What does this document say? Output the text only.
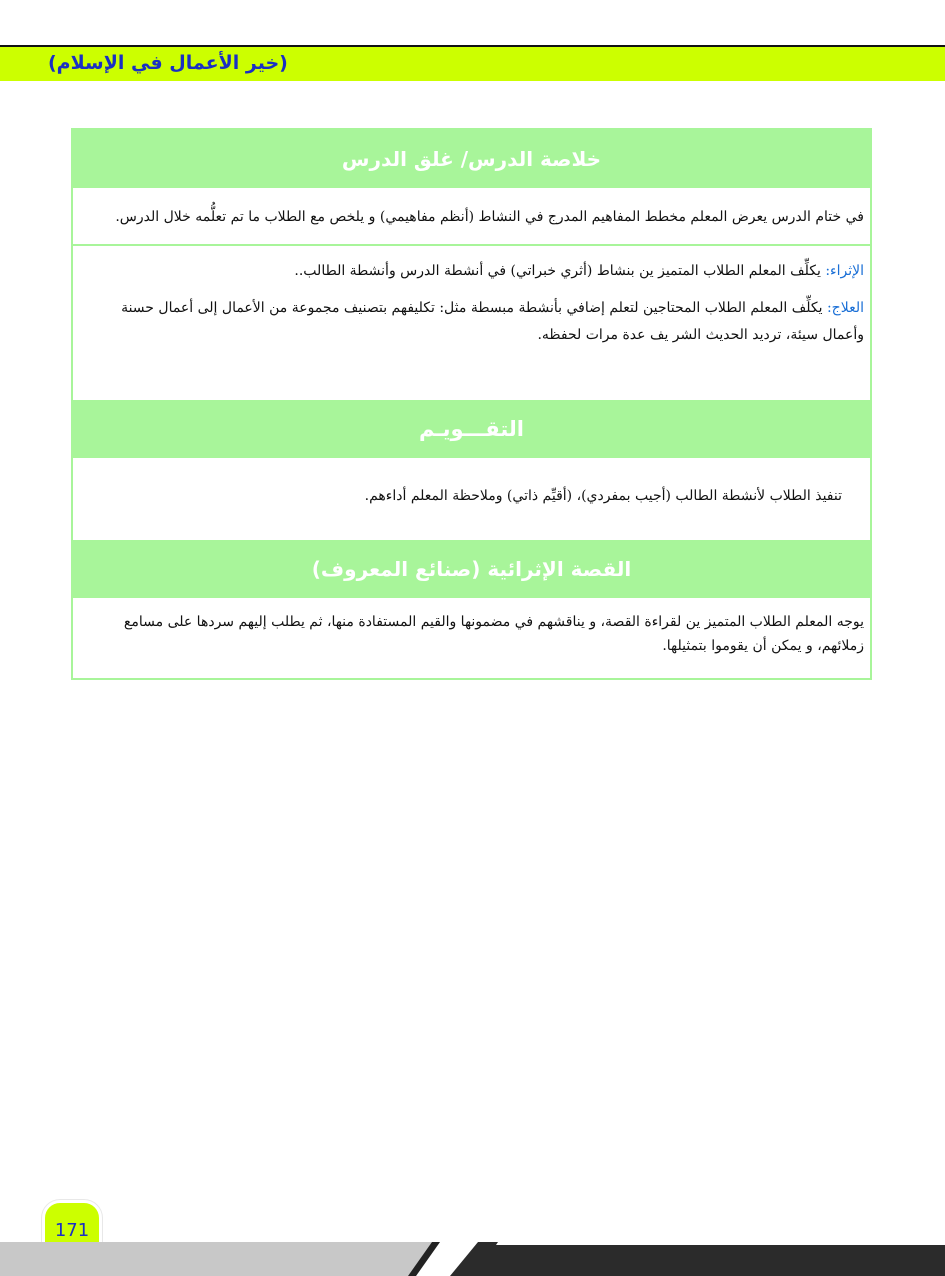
(خير الأعمال في الإسلام)
خلاصة الدرس/ غلق الدرس
في ختام الدرس يعرض المعلم مخطط المفاهيم المدرج في النشاط (أنظم مفاهيمي) و يلخص مع الطلاب ما تم تعلُّمه خلال الدرس.
الإثراء: يكلِّف المعلم الطلاب المتميز ين بنشاط (أثري خبراتي) في أنشطة الدرس وأنشطة الطالب..
العلاج: يكلِّف المعلم الطلاب المحتاجين لتعلم إضافي بأنشطة مبسطة مثل: تكليفهم بتصنيف مجموعة من الأعمال إلى أعمال حسنة وأعمال سيئة، ترديد الحديث الشر يف عدة مرات لحفظه.
التقـــويـم
تنفيذ الطلاب لأنشطة الطالب (أجيب بمفردي)، (أقيِّم ذاتي) وملاحظة المعلم أداءهم.
القصة الإثرائية (صنائع المعروف)
يوجه المعلم الطلاب المتميز ين لقراءة القصة، و يناقشهم في مضمونها والقيم المستفادة منها، ثم يطلب إليهم سردها على مسامع زملائهم، و يمكن أن يقوموا بتمثيلها.
171
